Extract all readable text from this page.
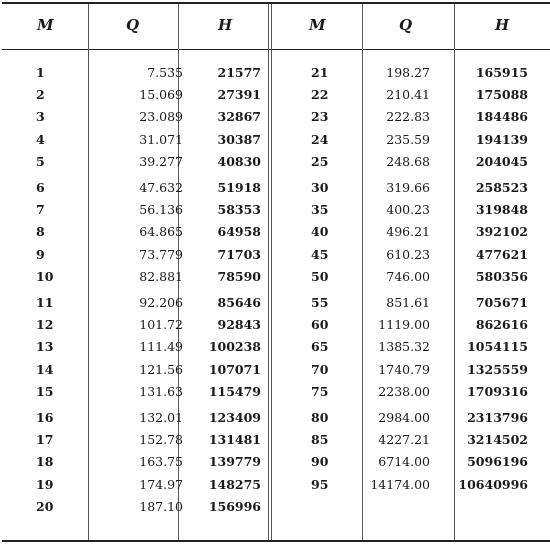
M	Q	H	M	Q	H
1	7.535	21577	21	198.27	165915
2	15.069	27391	22	210.41	175088
3	23.089	32867	23	222.83	184486
4	31.071	30387	24	235.59	194139
5	39.277	40830	25	248.68	204045
6	47.632	51918	30	319.66	258523
7	56.136	58353	35	400.23	319848
8	64.865	64958	40	496.21	392102
9	73.779	71703	45	610.23	477621
10	82.881	78590	50	746.00	580356
11	92.206	85646	55	851.61	705671
12	101.72	92843	60	1119.00	862616
13	111.49	100238	65	1385.32	1054115
14	121.56	107071	70	1740.79	1325559
15	131.63	115479	75	2238.00	1709316
16	132.01	123409	80	2984.00	2313796
17	152.78	131481	85	4227.21	3214502
18	163.75	139779	90	6714.00	5096196
19	174.97	148275	95	14174.00	10640996
20	187.10	156996
